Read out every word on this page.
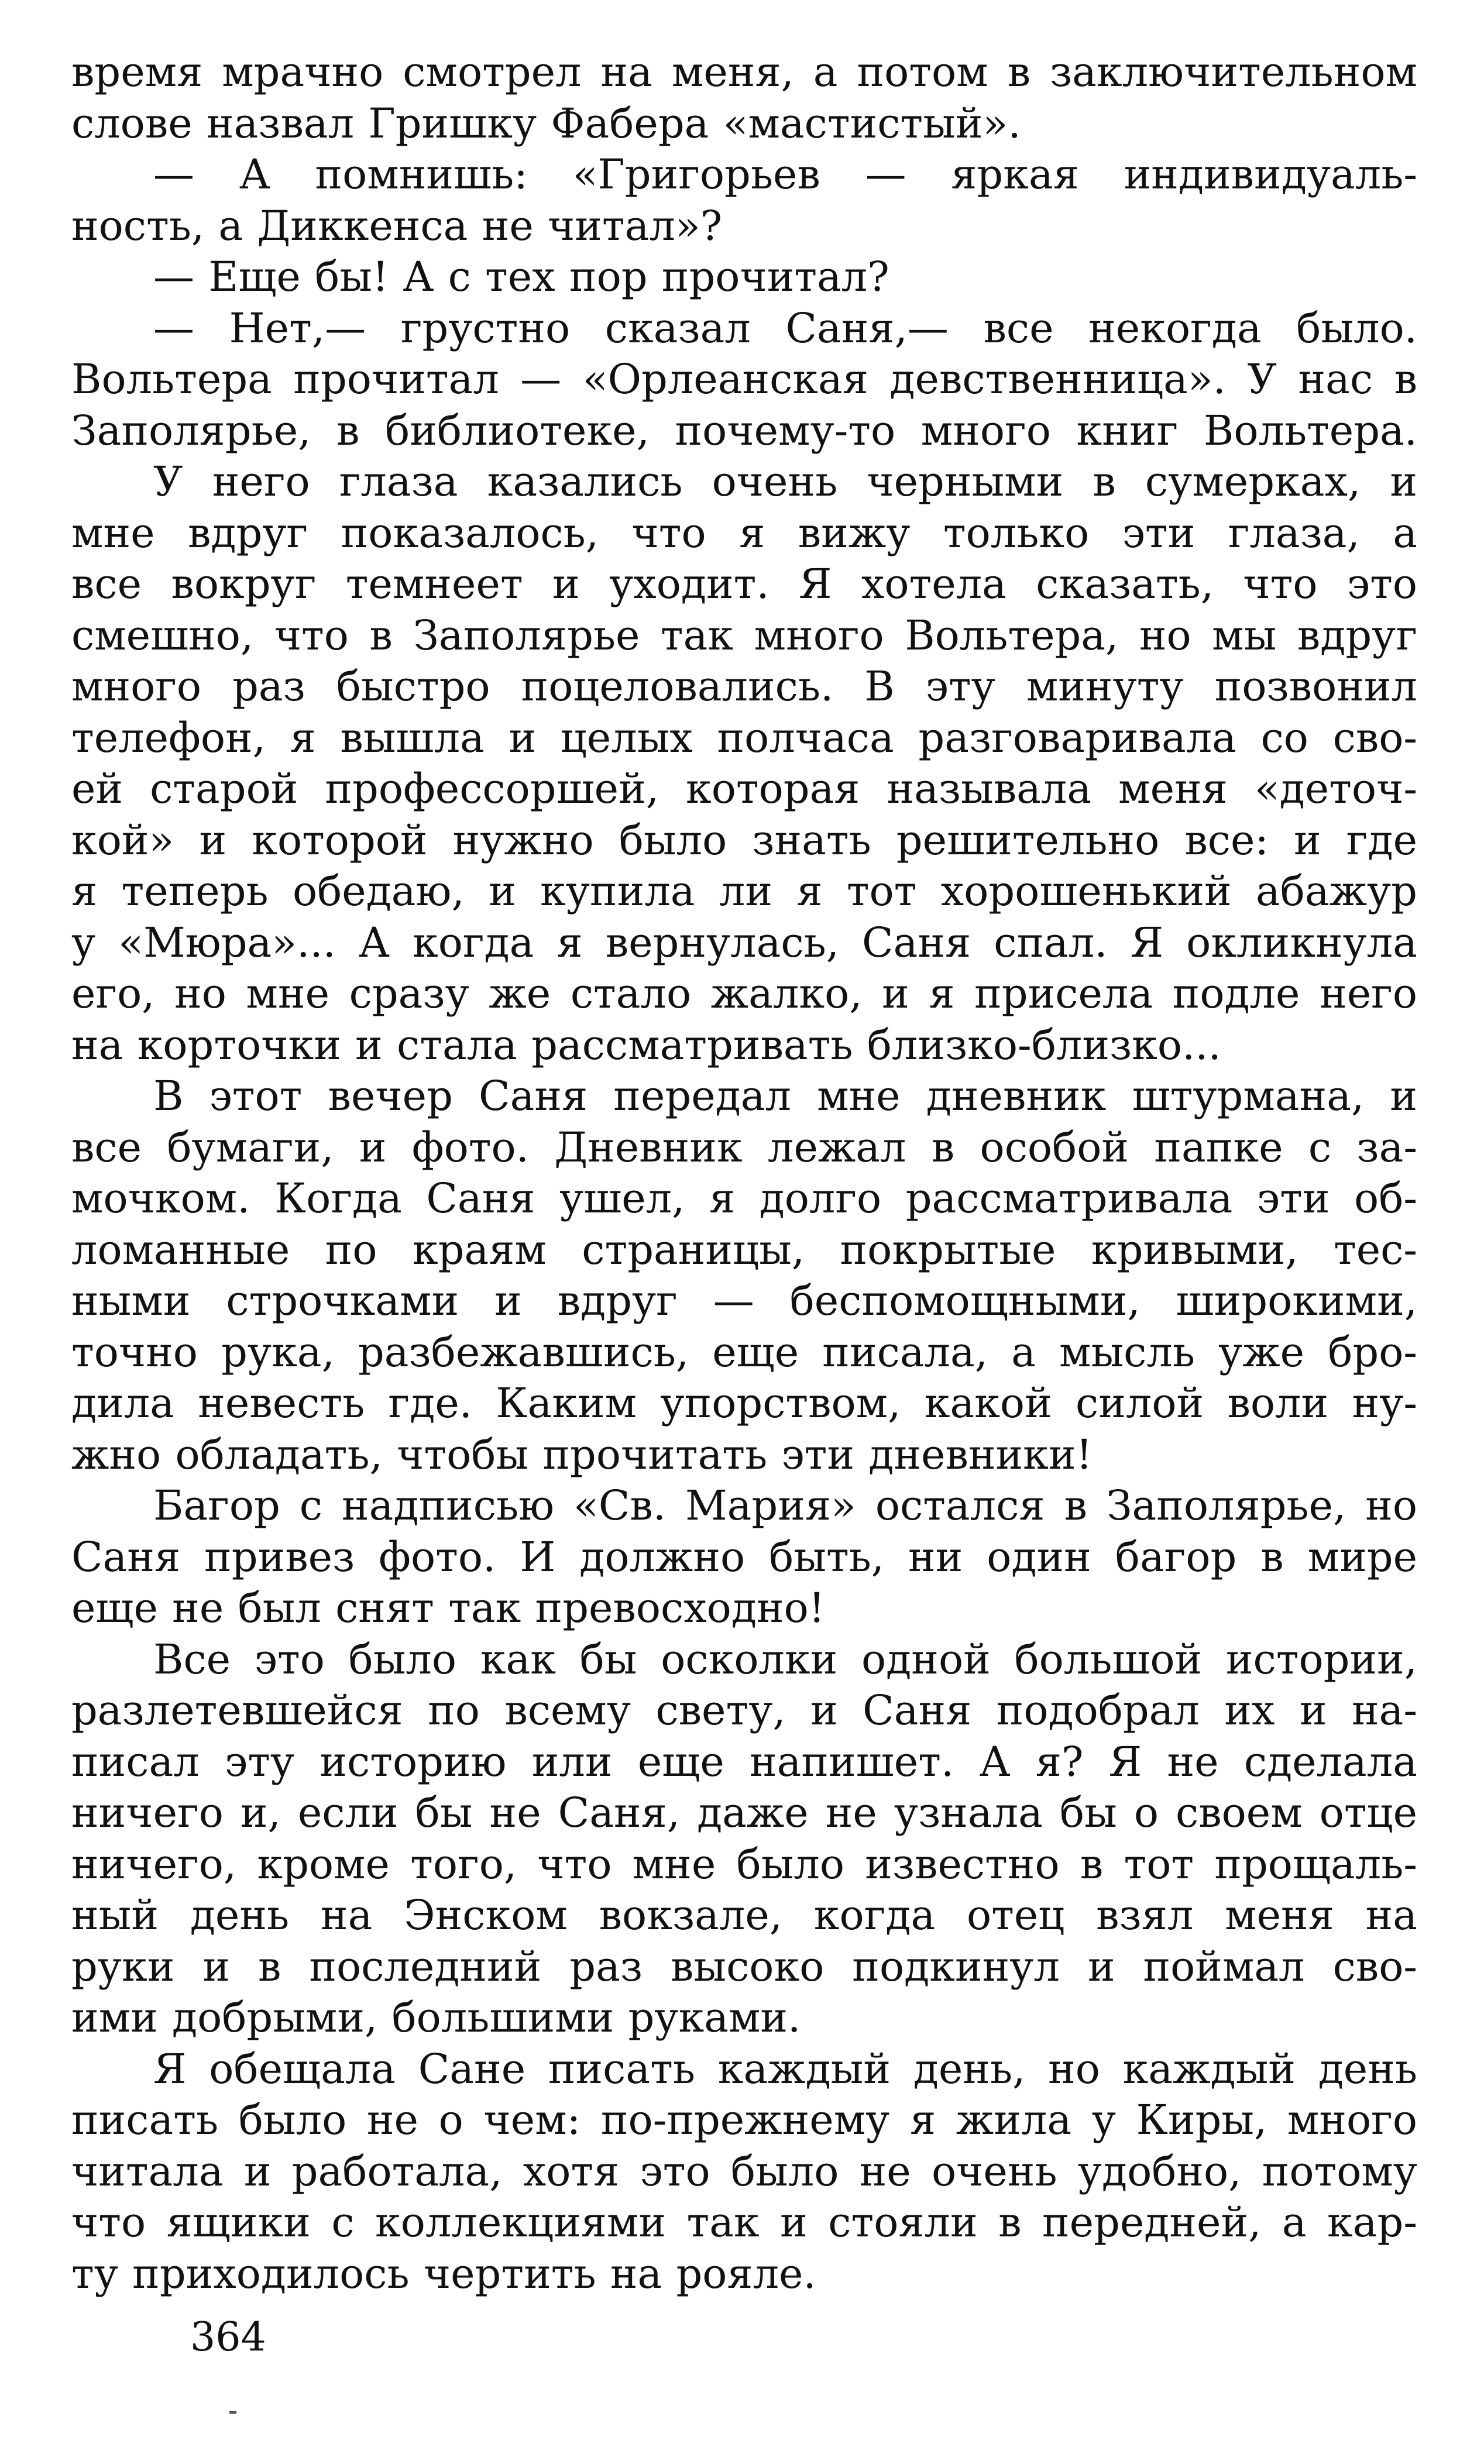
время мрачно смотрел на меня, а потом в заключительном
слове назвал Гришку Фабера «мастистый».
— А помнишь: «Григорьев — яркая индивидуаль-
ность, а Диккенса не читал»?
— Еще бы! А с тех пор прочитал?
— Нет,— грустно сказал Саня,— все некогда было.
Вольтера прочитал — «Орлеанская девственница». У нас в
Заполярье, в библиотеке, почему-то много книг Вольтера.
У него глаза казались очень черными в сумерках, и
мне вдруг показалось, что я вижу только эти глаза, а
все вокруг темнеет и уходит. Я хотела сказать, что это
смешно, что в Заполярье так много Вольтера, но мы вдруг
много раз быстро поцеловались. В эту минуту позвонил
телефон, я вышла и целых полчаса разговаривала со сво-
ей старой профессоршей, которая называла меня «деточ-
кой» и которой нужно было знать решительно все: и где
я теперь обедаю, и купила ли я тот хорошенький абажур
у «Мюра»... А когда я вернулась, Саня спал. Я окликнула
его, но мне сразу же стало жалко, и я присела подле него
на корточки и стала рассматривать близко-близко...
В этот вечер Саня передал мне дневник штурмана, и
все бумаги, и фото. Дневник лежал в особой папке с за-
мочком. Когда Саня ушел, я долго рассматривала эти об-
ломанные по краям страницы, покрытые кривыми, тес-
ными строчками и вдруг — беспомощными, широкими,
точно рука, разбежавшись, еще писала, а мысль уже бро-
дила невесть где. Каким упорством, какой силой воли ну-
жно обладать, чтобы прочитать эти дневники!
Багор с надписью «Св. Мария» остался в Заполярье, но
Саня привез фото. И должно быть, ни один багор в мире
еще не был снят так превосходно!
Все это было как бы осколки одной большой истории,
разлетевшейся по всему свету, и Саня подобрал их и на-
писал эту историю или еще напишет. А я? Я не сделала
ничего и, если бы не Саня, даже не узнала бы о своем отце
ничего, кроме того, что мне было известно в тот прощаль-
ный день на Энском вокзале, когда отец взял меня на
руки и в последний раз высоко подкинул и поймал сво-
ими добрыми, большими руками.
Я обещала Сане писать каждый день, но каждый день
писать было не о чем: по-прежнему я жила у Киры, много
читала и работала, хотя это было не очень удобно, потому
что ящики с коллекциями так и стояли в передней, а кар-
ту приходилось чертить на рояле.
364
